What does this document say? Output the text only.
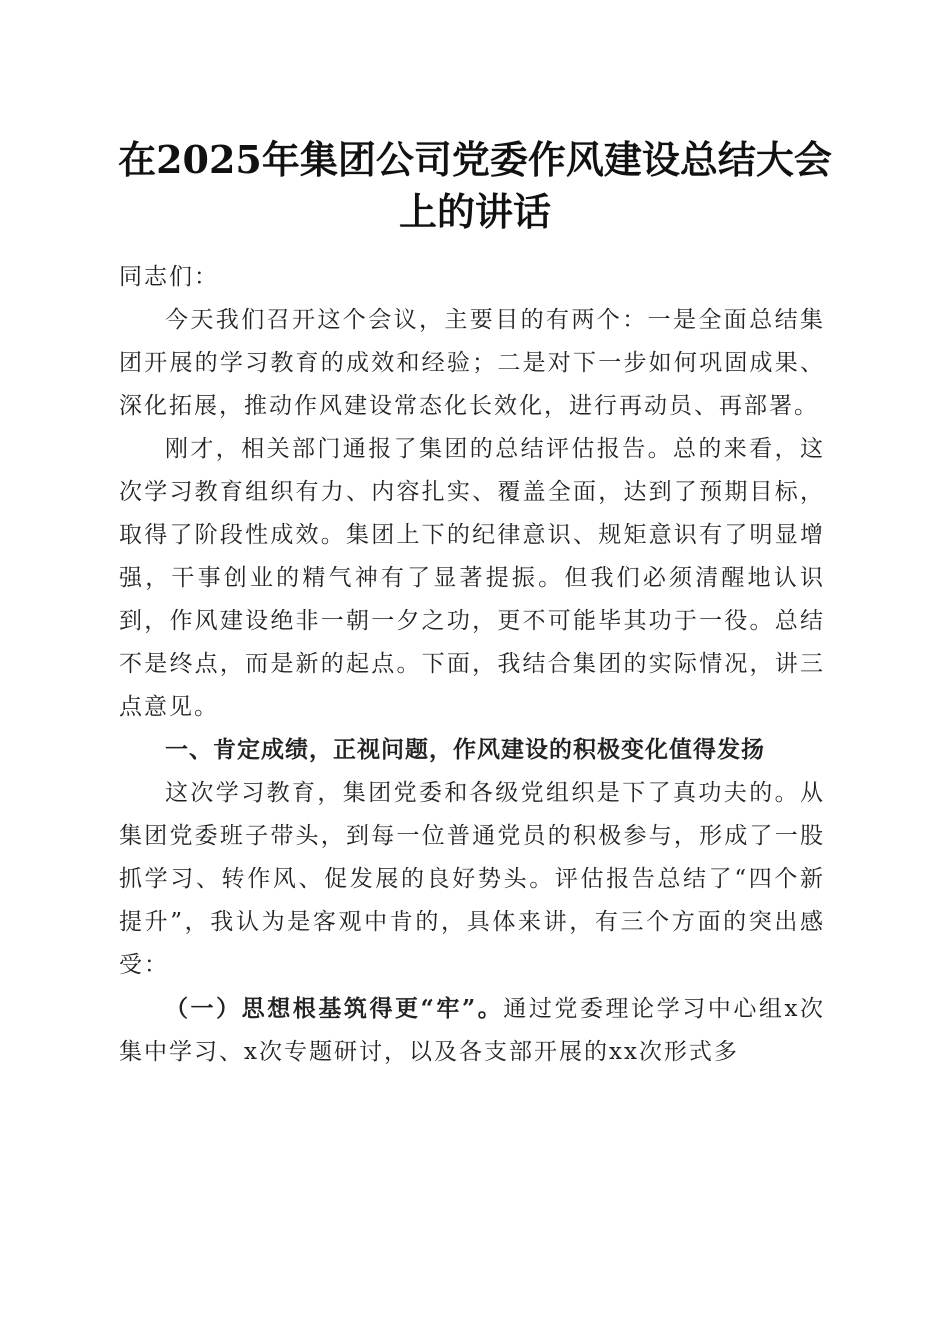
在2025年集团公司党委作风建设总结大会上的讲话

同志们：

今天我们召开这个会议，主要目的有两个：一是全面总结集团开展的学习教育的成效和经验；二是对下一步如何巩固成果、深化拓展，推动作风建设常态化长效化，进行再动员、再部署。

刚才，相关部门通报了集团的总结评估报告。总的来看，这次学习教育组织有力、内容扎实、覆盖全面，达到了预期目标，取得了阶段性成效。集团上下的纪律意识、规矩意识有了明显增强，干事创业的精气神有了显著提振。但我们必须清醒地认识到，作风建设绝非一朝一夕之功，更不可能毕其功于一役。总结不是终点，而是新的起点。下面，我结合集团的实际情况，讲三点意见。

一、肯定成绩，正视问题，作风建设的积极变化值得发扬

这次学习教育，集团党委和各级党组织是下了真功夫的。从集团党委班子带头，到每一位普通党员的积极参与，形成了一股抓学习、转作风、促发展的良好势头。评估报告总结了“四个新提升”，我认为是客观中肯的，具体来讲，有三个方面的突出感受：

（一）思想根基筑得更“牢”。通过党委理论学习中心组x次集中学习、x次专题研讨，以及各支部开展的xx次形式多
